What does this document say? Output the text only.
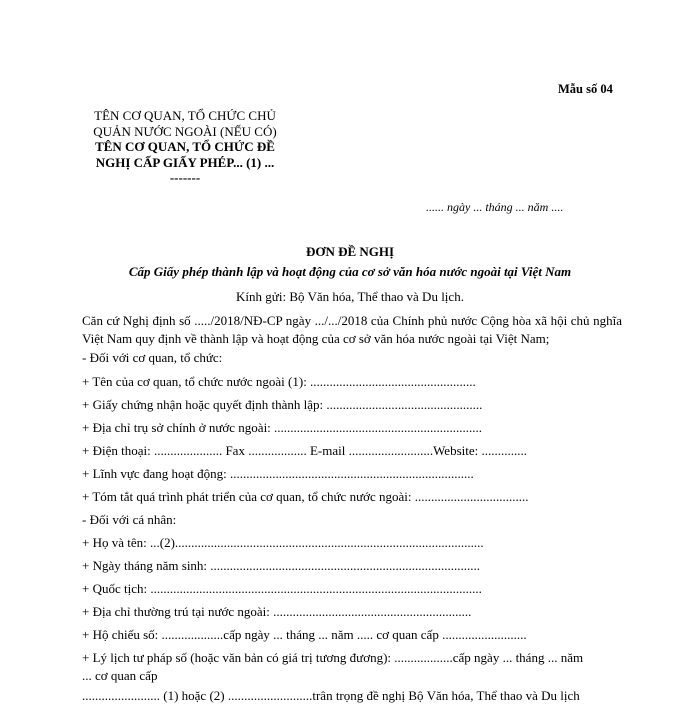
Mẫu số 04
TÊN CƠ QUAN, TỔ CHỨC CHỦ
QUẢN NƯỚC NGOÀI (NẾU CÓ)
TÊN CƠ QUAN, TỔ CHỨC ĐỀ
NGHỊ CẤP GIẤY PHÉP... (1) ...
-------
...... ngày ... tháng ... năm ....
ĐƠN ĐỀ NGHỊ
Cấp Giấy phép thành lập và hoạt động của cơ sở văn hóa nước ngoài tại Việt Nam
Kính gửi: Bộ Văn hóa, Thể thao và Du lịch.
Căn cứ Nghị định số ...../2018/NĐ-CP ngày .../.../2018 của Chính phủ nước Cộng hòa xã hội chủ nghĩa Việt Nam quy định về thành lập và hoạt động của cơ sở văn hóa nước ngoài tại Việt Nam;
- Đối với cơ quan, tổ chức:
+ Tên của cơ quan, tổ chức nước ngoài (1): ...................................................
+ Giấy chứng nhận hoặc quyết định thành lập: ................................................
+ Địa chỉ trụ sở chính ở nước ngoài: ................................................................
+ Điện thoại: ..................... Fax .................. E-mail ..........................Website: ..............
+ Lĩnh vực đang hoạt động: ...........................................................................
+ Tóm tắt quá trình phát triển của cơ quan, tổ chức nước ngoài: ...................................
- Đối với cá nhân:
+ Họ và tên: ...(2)...............................................................................................
+ Ngày tháng năm sinh: ...................................................................................
+ Quốc tịch: ......................................................................................................
+ Địa chỉ thường trú tại nước ngoài: .............................................................
+ Hộ chiếu số: ...................cấp ngày ... tháng ... năm ..... cơ quan cấp ..........................
+ Lý lịch tư pháp số (hoặc văn bản có giá trị tương đương): ..................cấp ngày ... tháng ... năm
... cơ quan cấp
........................ (1) hoặc (2) ..........................trân trọng đề nghị Bộ Văn hóa, Thể thao và Du lịch
